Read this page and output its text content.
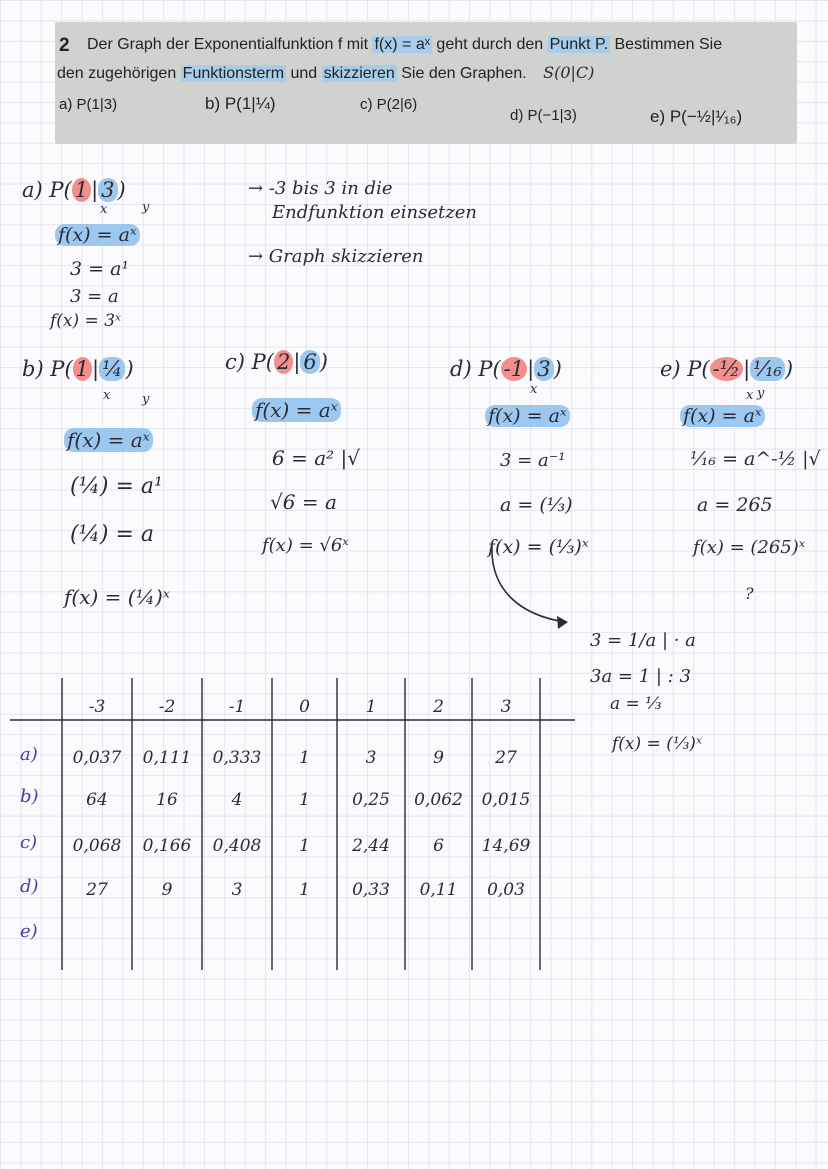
2 Der Graph der Exponentialfunktion f mit f(x) = aˣ geht durch den Punkt P. Bestimmen Sie
den zugehörigen Funktionsterm und skizzieren Sie den Graphen. S(0|C)
a) P(1|3)	b) P(1|¼)	c) P(2|6)
d) P(−1|3)	e) P(−½|¹⁄₁₆)
→ -3 bis 3 in die
Endfunktion einsetzen
→ Graph skizzieren
a) P( 1 | 3 )
x	y
f(x) = aˣ
3 = a¹
3 = a
f(x) = 3ˣ
b) P( 1 | ¼ )
x y
f(x) = aˣ
(¼) = a¹
(¼) = a
f(x) = (¼)ˣ
c) P( 2 | 6 )
f(x) = aˣ
6 = a² |√
√6 = a
f(x) = √6ˣ
d) P( -1 | 3 )
x
f(x) = aˣ
3 = a⁻¹
a = (⅓)
f(x) = (⅓)ˣ
e) P( -½ | ¹⁄₁₆ )
x y
f(x) = aˣ
¹⁄₁₆ = a^-½ |√
a = 265
f(x) = (265)ˣ
?
3 = 1/a | · a
3a = 1 | : 3
a = ⅓
f(x) = (⅓)ˣ
-3	-2	-1	0	1	2	3
a)	0,037	0,111	0,333	1	3	9	27
b)	64	16	4	1	0,25	0,062	0,015
c)	0,068	0,166	0,408	1	2,44	6	14,69
d)	27	9	3	1	0,33	0,11	0,03
e)
